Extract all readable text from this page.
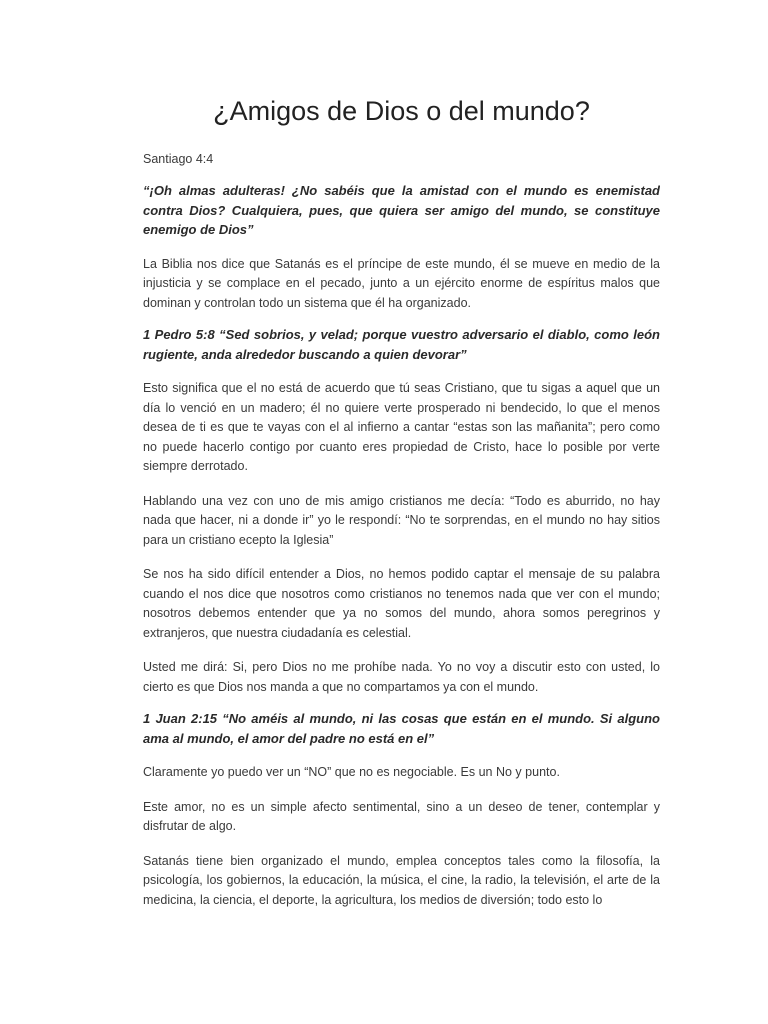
¿Amigos de Dios o del mundo?
Santiago 4:4

“¡Oh almas adulteras! ¿No sabéis que la amistad con el mundo es enemistad contra Dios? Cualquiera, pues, que quiera ser amigo del mundo, se constituye enemigo de Dios”

La Biblia nos dice que Satanás es el príncipe de este mundo, él se mueve en medio de la injusticia y se complace en el pecado, junto a un ejército enorme de espíritus malos que dominan y controlan todo un sistema que él ha organizado.

1 Pedro 5:8 “Sed sobrios, y velad; porque vuestro adversario el diablo, como león rugiente, anda alrededor buscando a quien devorar”

Esto significa que el no está de acuerdo que tú seas Cristiano, que tu sigas a aquel que un día lo venció en un madero; él no quiere verte prosperado ni bendecido, lo que el menos desea de ti es que te vayas con el al infierno a cantar “estas son las mañanita”; pero como no puede hacerlo contigo por cuanto eres propiedad de Cristo, hace lo posible por verte siempre derrotado.

Hablando una vez con uno de mis amigo cristianos me decía: “Todo es aburrido, no hay nada que hacer, ni a donde ir” yo le respondí: “No te sorprendas, en el mundo no hay sitios para un cristiano ecepto la Iglesia”

Se nos ha sido difícil entender a Dios, no hemos podido captar el mensaje de su palabra cuando el nos dice que nosotros como cristianos no tenemos nada que ver con el mundo; nosotros debemos entender que ya no somos del mundo, ahora somos peregrinos y extranjeros, que nuestra ciudadanía es celestial.

Usted me dirá: Si, pero Dios no me prohíbe nada. Yo no voy a discutir esto con usted, lo cierto es que Dios nos manda a que no compartamos ya con el mundo.

1 Juan 2:15 “No améis al mundo, ni las cosas que están en el mundo. Si alguno ama al mundo, el amor del padre no está en el”

Claramente yo puedo ver un “NO” que no es negociable. Es un No y punto.

Este amor, no es un simple afecto sentimental, sino a un deseo de tener, contemplar y disfrutar de algo.

Satanás tiene bien organizado el mundo, emplea conceptos tales como la filosofía, la psicología, los gobiernos, la educación, la música, el cine, la radio, la televisión, el arte de la medicina, la ciencia, el deporte, la agricultura, los medios de diversión; todo esto lo
